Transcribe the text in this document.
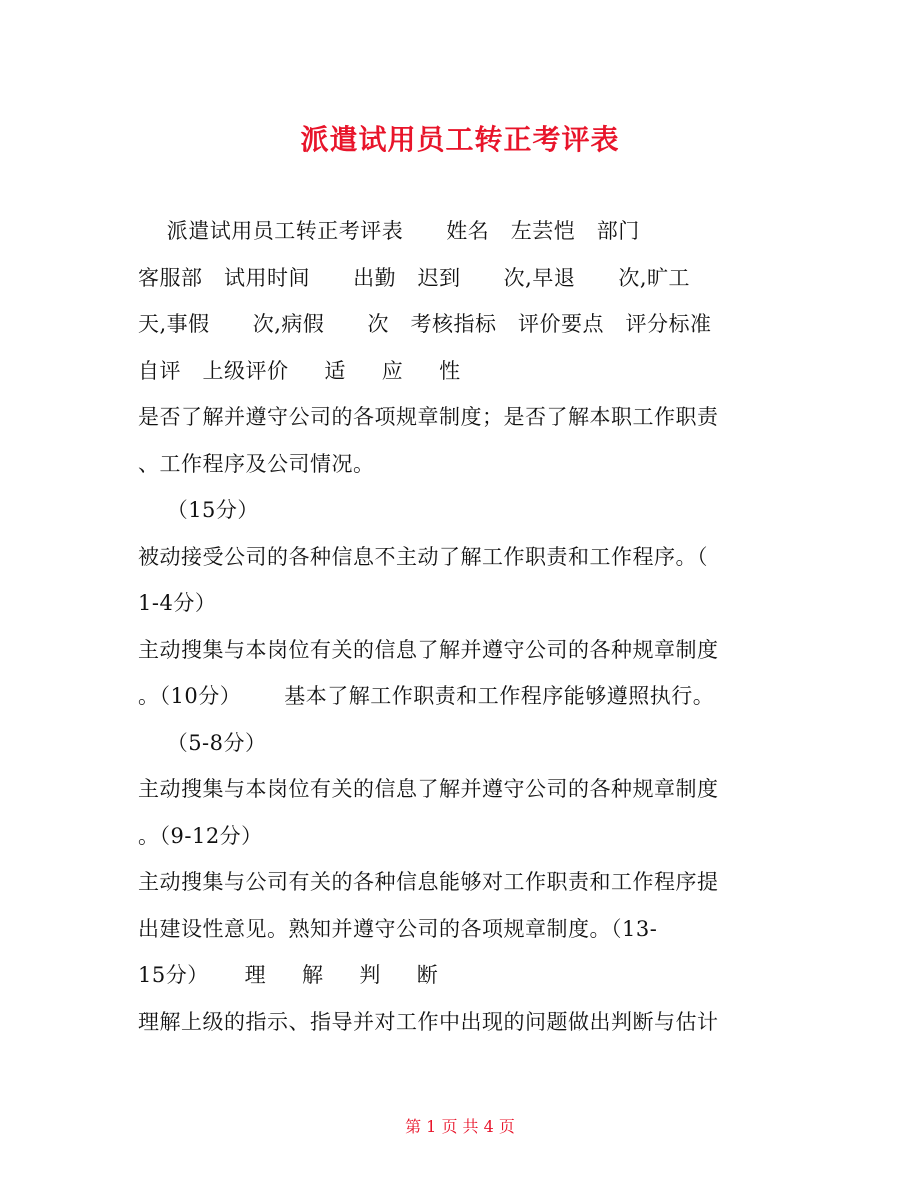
派遣试用员工转正考评表
派遣试用员工转正考评表      姓名   左芸恺   部门
客服部   试用时间      出勤   迟到      次,早退      次,旷工
天,事假      次,病假      次   考核指标   评价要点   评分标准
自评   上级评价     适     应     性
是否了解并遵守公司的各项规章制度；是否了解本职工作职责
、工作程序及公司情况。
（15分）
被动接受公司的各种信息不主动了解工作职责和工作程序。（
1-4分）
主动搜集与本岗位有关的信息了解并遵守公司的各种规章制度
。（10分）      基本了解工作职责和工作程序能够遵照执行。
（5-8分）
主动搜集与本岗位有关的信息了解并遵守公司的各种规章制度
。（9-12分）
主动搜集与公司有关的各种信息能够对工作职责和工作程序提
出建设性意见。熟知并遵守公司的各项规章制度。（13-
15分）     理     解     判     断
理解上级的指示、指导并对工作中出现的问题做出判断与估计
第 1 页 共 4 页
